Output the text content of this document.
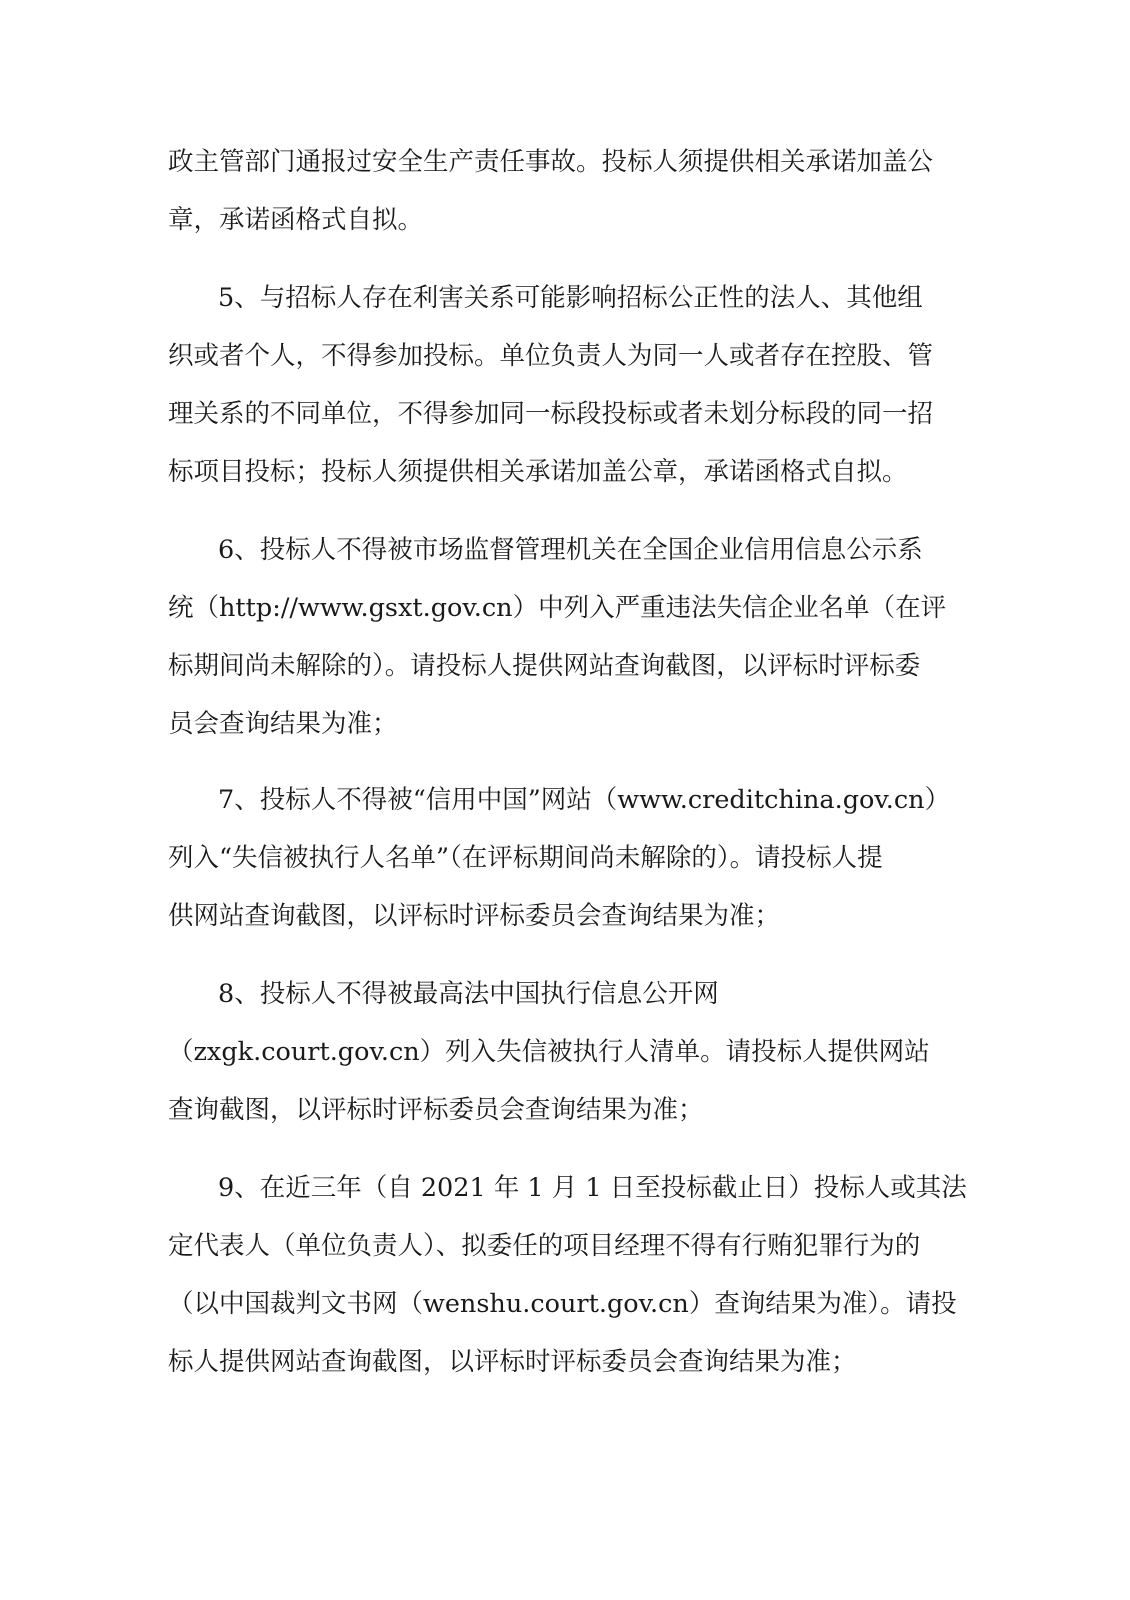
政主管部门通报过安全生产责任事故。投标人须提供相关承诺加盖公
章，承诺函格式自拟。
5、与招标人存在利害关系可能影响招标公正性的法人、其他组
织或者个人，不得参加投标。单位负责人为同一人或者存在控股、管
理关系的不同单位，不得参加同一标段投标或者未划分标段的同一招
标项目投标；投标人须提供相关承诺加盖公章，承诺函格式自拟。
6、投标人不得被市场监督管理机关在全国企业信用信息公示系
统（http://www.gsxt.gov.cn）中列入严重违法失信企业名单（在评
标期间尚未解除的）。请投标人提供网站查询截图，以评标时评标委
员会查询结果为准；
7、投标人不得被“信用中国”网站（www.creditchina.gov.cn）
列入“失信被执行人名单”（在评标期间尚未解除的）。请投标人提
供网站查询截图，以评标时评标委员会查询结果为准；
8、投标人不得被最高法中国执行信息公开网
（zxgk.court.gov.cn）列入失信被执行人清单。请投标人提供网站
查询截图，以评标时评标委员会查询结果为准；
9、在近三年（自 2021 年 1 月 1 日至投标截止日）投标人或其法
定代表人（单位负责人）、拟委任的项目经理不得有行贿犯罪行为的
（以中国裁判文书网（wenshu.court.gov.cn）查询结果为准）。请投
标人提供网站查询截图，以评标时评标委员会查询结果为准；
